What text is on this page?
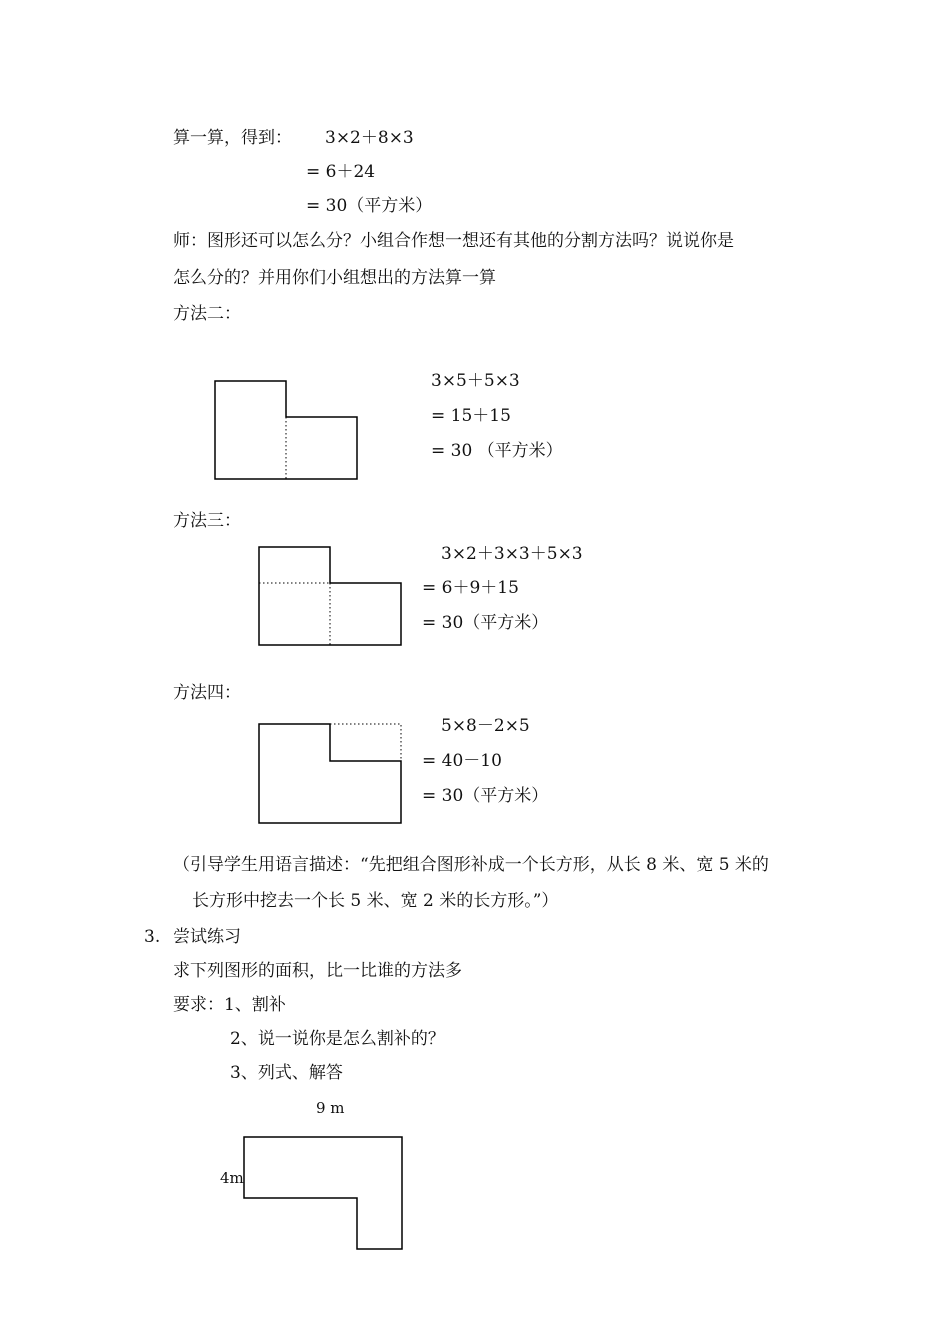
算一算，得到： 3×2＋8×3
= 6＋24
= 30（平方米）
师：图形还可以怎么分？小组合作想一想还有其他的分割方法吗？说说你是
怎么分的？并用你们小组想出的方法算一算
方法二：
3×5＋5×3
= 15＋15
= 30 （平方米）
方法三：
3×2＋3×3＋5×3
= 6＋9＋15
= 30（平方米）
方法四：
5×8－2×5
= 40－10
= 30（平方米）
（引导学生用语言描述：“先把组合图形补成一个长方形，从长 8 米、宽 5 米的
长方形中挖去一个长 5 米、宽 2 米的长方形。”）
3. 尝试练习
求下列图形的面积，比一比谁的方法多
要求：1、割补
2、说一说你是怎么割补的？
3、列式、解答
9 m
4m
